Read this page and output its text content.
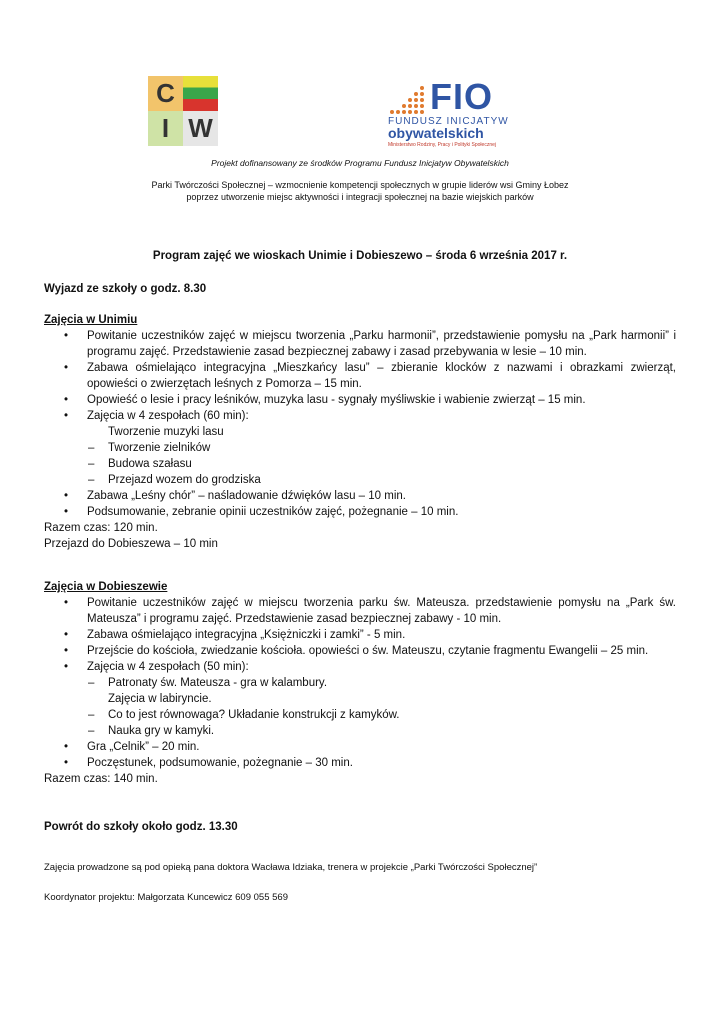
C
I W
FIO
FUNDUSZ INICJATYW
obywatelskich
Ministerstwo Rodziny, Pracy i Polityki Społecznej
Projekt dofinansowany ze środków Programu Fundusz Inicjatyw Obywatelskich
Parki Twórczości Społecznej – wzmocnienie kompetencji społecznych w grupie liderów wsi Gminy Łobez
poprzez utworzenie miejsc aktywności i integracji społecznej na bazie wiejskich parków
Program zajęć we wioskach Unimie i Dobieszewo – środa 6 września 2017 r.
Wyjazd ze szkoły o godz. 8.30
Zajęcia w Unimiu
• Powitanie uczestników zajęć w miejscu tworzenia „Parku harmonii”, przedstawienie pomysłu na „Park harmonii” i programu zajęć. Przedstawienie zasad bezpiecznej zabawy i zasad przebywania w lesie – 10 min.
• Zabawa ośmielająco integracyjna „Mieszkańcy lasu” – zbieranie klocków z nazwami i obrazkami zwierząt, opowieści o zwierzętach leśnych z Pomorza – 15 min.
• Opowieść o lesie i pracy leśników, muzyka lasu - sygnały myśliwskie i wabienie zwierząt – 15 min.
• Zajęcia w 4 zespołach (60 min):
Tworzenie muzyki lasu
– Tworzenie zielników
– Budowa szałasu
– Przejazd wozem do grodziska
• Zabawa „Leśny chór” – naśladowanie dźwięków lasu – 10 min.
• Podsumowanie, zebranie opinii uczestników zajęć, pożegnanie – 10 min.
Razem czas: 120 min.
Przejazd do Dobieszewa – 10 min
Zajęcia w Dobieszewie
• Powitanie uczestników zajęć w miejscu tworzenia parku św. Mateusza. przedstawienie pomysłu na „Park św. Mateusza” i programu zajęć. Przedstawienie zasad bezpiecznej zabawy - 10 min.
• Zabawa ośmielająco integracyjna „Księżniczki i zamki” - 5 min.
• Przejście do kościoła, zwiedzanie kościoła. opowieści o św. Mateuszu, czytanie fragmentu Ewangelii – 25 min.
• Zajęcia w 4 zespołach (50 min):
– Patronaty św. Mateusza - gra w kalambury.
Zajęcia w labiryncie.
– Co to jest równowaga? Układanie konstrukcji z kamyków.
– Nauka gry w kamyki.
• Gra „Celnik” – 20 min.
• Poczęstunek, podsumowanie, pożegnanie – 30 min.
Razem czas: 140 min.
Powrót do szkoły około godz. 13.30
Zajęcia prowadzone są pod opieką pana doktora Wacława Idziaka, trenera w projekcie „Parki Twórczości Społecznej”
Koordynator projektu: Małgorzata Kuncewicz 609 055 569
